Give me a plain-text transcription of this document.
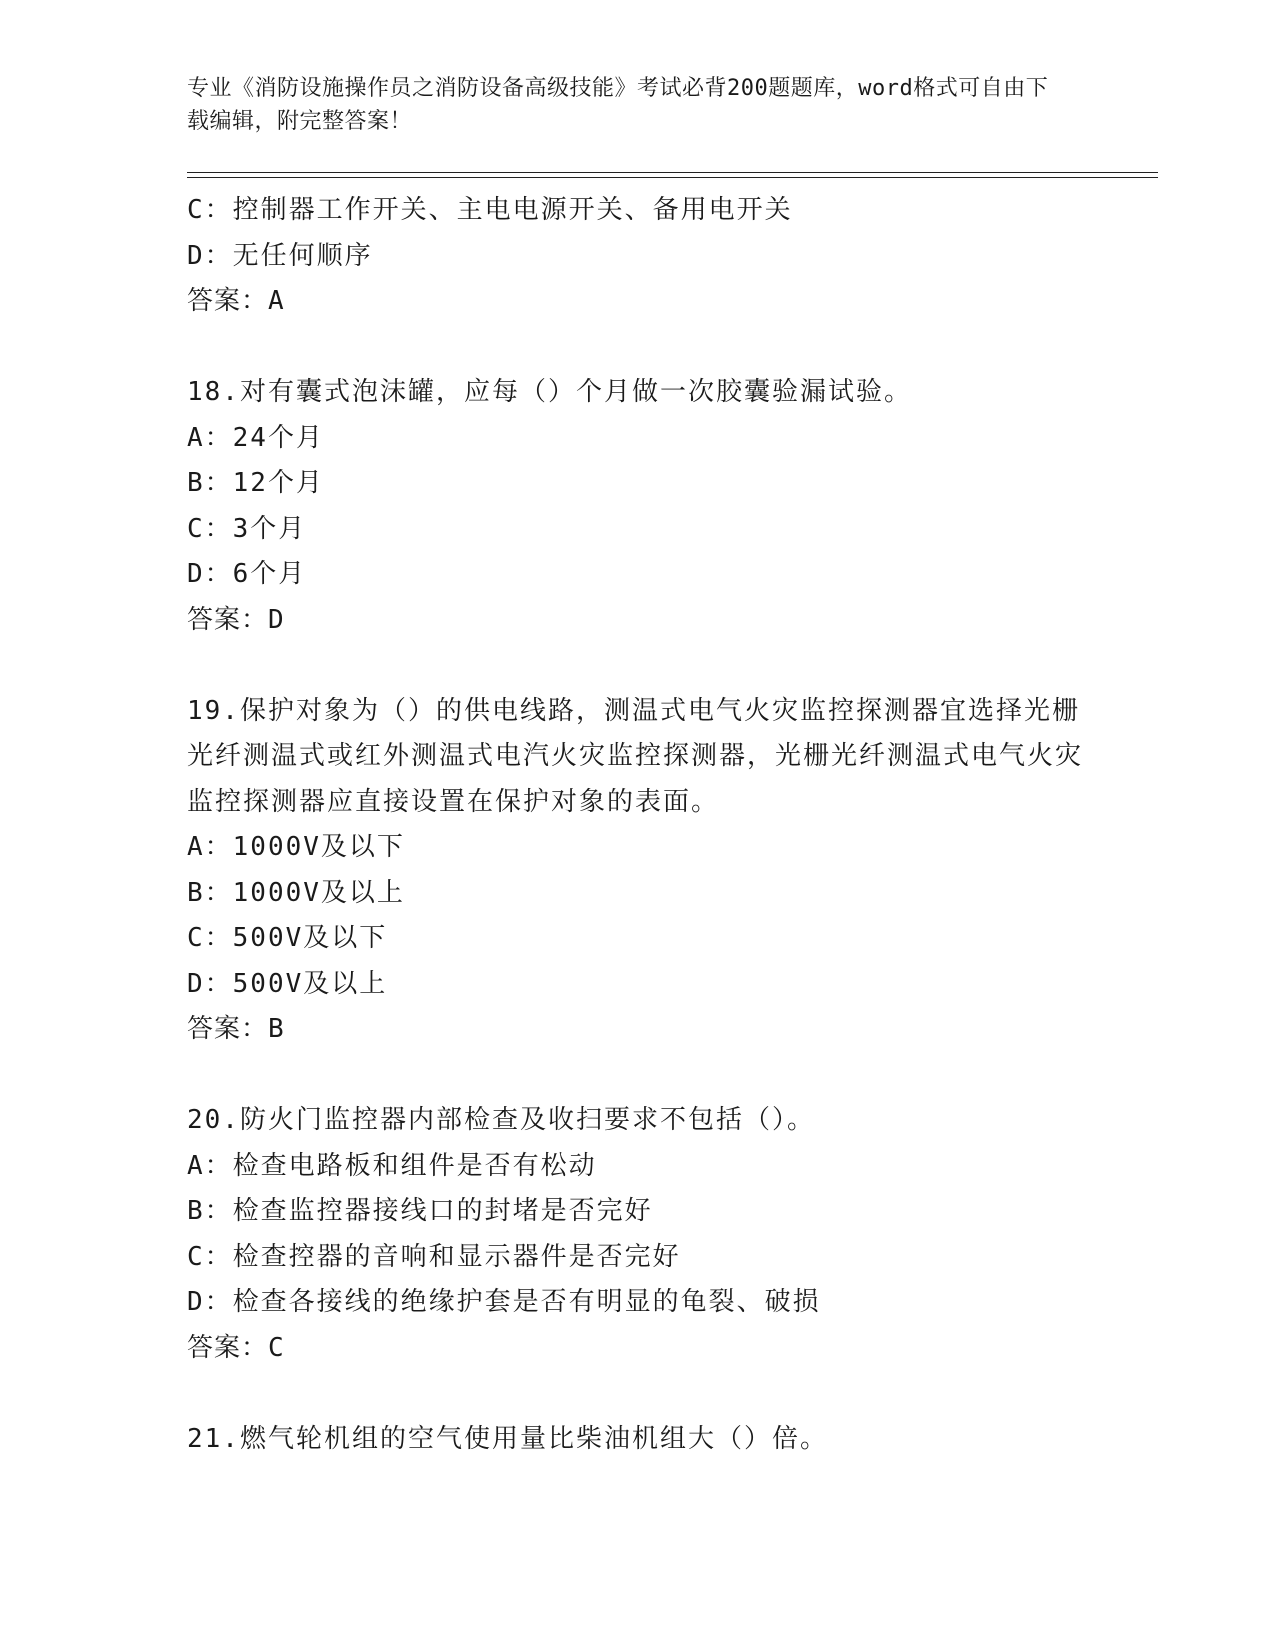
专业《消防设施操作员之消防设备高级技能》考试必背200题题库，word格式可自由下载编辑，附完整答案！
C：控制器工作开关、主电电源开关、备用电开关
D：无任何顺序
答案：A
18.对有囊式泡沫罐，应每（）个月做一次胶囊验漏试验。
A：24个月
B：12个月
C：3个月
D：6个月
答案：D
19.保护对象为（）的供电线路，测温式电气火灾监控探测器宜选择光栅光纤测温式或红外测温式电汽火灾监控探测器，光栅光纤测温式电气火灾监控探测器应直接设置在保护对象的表面。
A：1000V及以下
B：1000V及以上
C：500V及以下
D：500V及以上
答案：B
20.防火门监控器内部检查及收扫要求不包括（）。
A：检查电路板和组件是否有松动
B：检查监控器接线口的封堵是否完好
C：检查控器的音响和显示器件是否完好
D：检查各接线的绝缘护套是否有明显的龟裂、破损
答案：C
21.燃气轮机组的空气使用量比柴油机组大（）倍。
